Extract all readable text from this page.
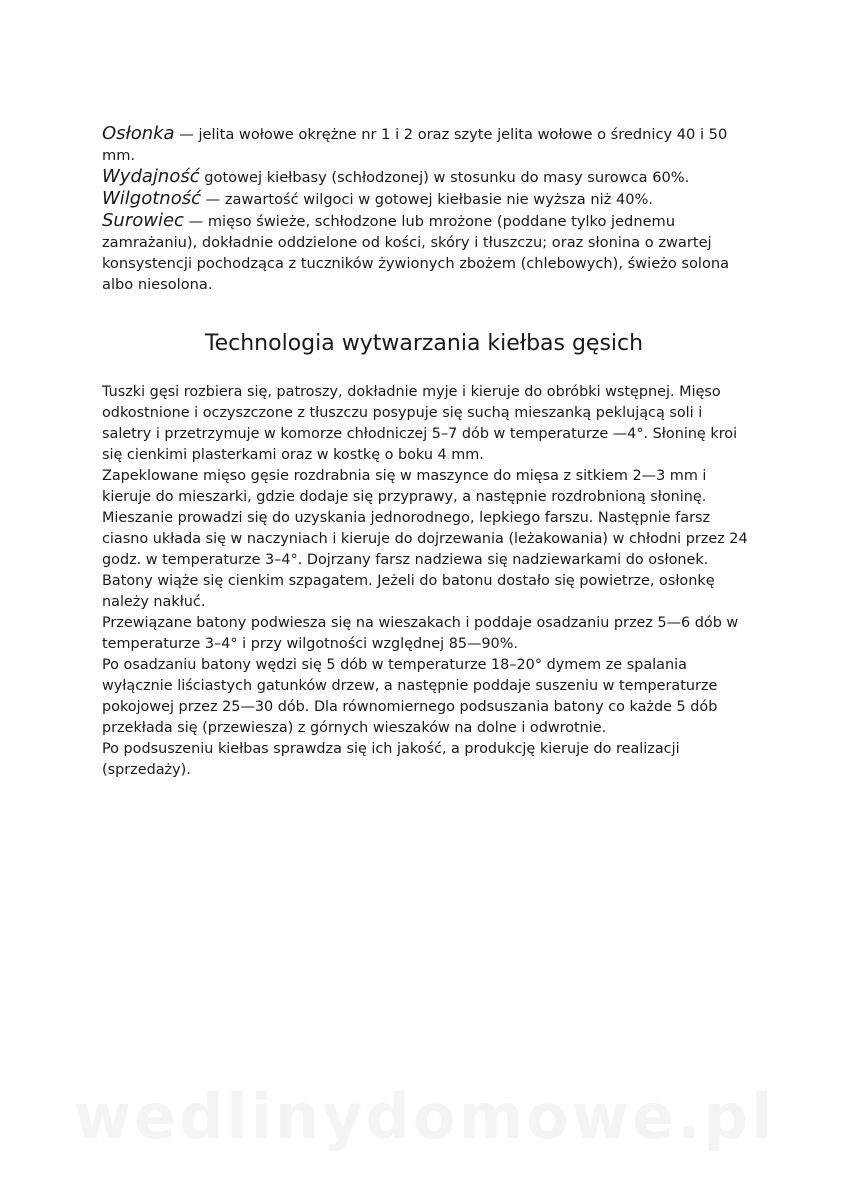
Osłonka — jelita wołowe okrężne nr 1 i 2 oraz szyte jelita wołowe o średnicy 40 i 50 mm.

Wydajność gotowej kiełbasy (schłodzonej) w stosunku do masy surowca 60%.

Wilgotność — zawartość wilgoci w gotowej kiełbasie nie wyższa niż 40%.

Surowiec — mięso świeże, schłodzone lub mrożone (poddane tylko jednemu zamrażaniu), dokładnie oddzielone od kości, skóry i tłuszczu; oraz słonina o zwartej konsystencji pochodząca z tuczników żywionych zbożem (chlebowych), świeżo solona albo niesolona.

Technologia wytwarzania kiełbas gęsich

Tuszki gęsi rozbiera się, patroszy, dokładnie myje i kieruje do obróbki wstępnej. Mięso odkostnione i oczyszczone z tłuszczu posypuje się suchą mieszanką peklującą soli i saletry i przetrzymuje w komorze chłodniczej 5–7 dób w temperaturze —4°. Słoninę kroi się cienkimi plasterkami oraz w kostkę o boku 4 mm.

Zapeklowane mięso gęsie rozdrabnia się w maszynce do mięsa z sitkiem 2—3 mm i kieruje do mieszarki, gdzie dodaje się przyprawy, a następnie rozdrobnioną słoninę. Mieszanie prowadzi się do uzyskania jednorodnego, lepkiego farszu. Następnie farsz ciasno układa się w naczyniach i kieruje do dojrzewania (leżakowania) w chłodni przez 24 godz. w temperaturze 3–4°. Dojrzany farsz nadziewa się nadziewarkami do osłonek. Batony wiąże się cienkim szpagatem. Jeżeli do batonu dostało się powietrze, osłonkę należy nakłuć.

Przewiązane batony podwiesza się na wieszakach i poddaje osadzaniu przez 5—6 dób w temperaturze 3–4° i przy wilgotności względnej 85—90%.

Po osadzaniu batony wędzi się 5 dób w temperaturze 18–20° dymem ze spalania wyłącznie liściastych gatunków drzew, a następnie poddaje suszeniu w temperaturze pokojowej przez 25—30 dób. Dla równomiernego podsuszania batony co każde 5 dób przekłada się (przewiesza) z górnych wieszaków na dolne i odwrotnie.

Po podsuszeniu kiełbas sprawdza się ich jakość, a produkcję kieruje do realizacji (sprzedaży).

wedlinydomowe.pl
